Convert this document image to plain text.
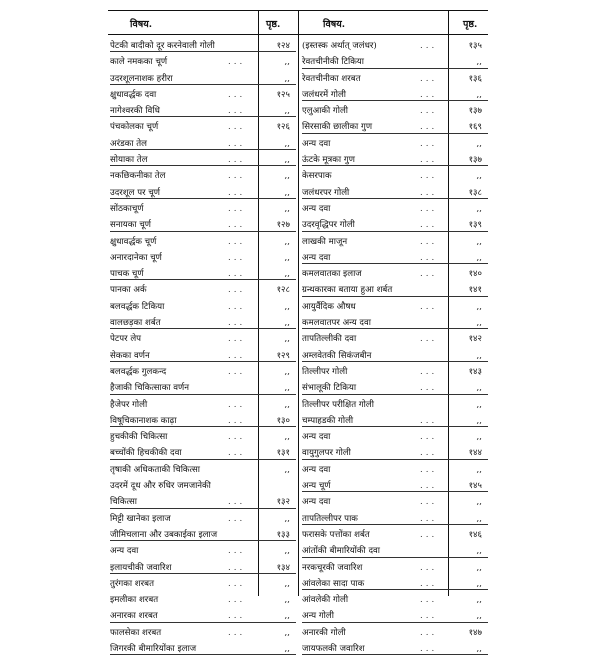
विषय.	पृष्ठ.	विषय.	पृष्ठ.
पेटकी बादीको दूर करनेवाली गोली	१२४
काले नमकका चूर्ण	...	,,
उदरशूलनाशक हरीरा	,,
क्षुधावर्द्धक दवा	...	१२५
नागेश्वरकी विधि	...	,,
पंचकोलका चूर्ण	...	१२६
अरंडका तेल	...	,,
सोयाका तेल	...	,,
नकछिकनीका तेल	...	,,
उदरशूल पर चूर्ण	...	,,
सोंठकाचूर्ण	...	,,
सनायका चूर्ण	...	१२७
क्षुधावर्द्धक चूर्ण	...	,,
अनारदानेका चूर्ण	...	,,
पाचक चूर्ण	...	,,
पानका अर्क	...	१२८
बलवर्द्धक टिकिया	...	,,
वालछड़का शर्बत	...	,,
पेटपर लेप	...	,,
सेकका वर्णन	...	१२९
बलवर्द्धक गुलकन्द	...	,,
हैजाकी चिकित्साका वर्णन	,,
हैजेपर गोली	...	,,
विषूचिकानाशक काढ़ा	...	१३०
हुचकीकी चिकित्सा	...	,,
बच्चोंकी हिचकीकी दवा	...	१३१
तृषाकी अधिकताकी चिकित्सा	,,
उदरमें दूध और रुधिर जमजानेकी
चिकित्सा	...	१३२
मिट्टी खानेका इलाज	...	,,
जीमिचलाना और उबकाईका इलाज	१३३
अन्य दवा	...	,,
इलायचीकी जवारिश	...	१३४
तुरंगका शरबत	...	,,
इमलीका शरबत	...	,,
अनारका शरबत	...	,,
फालसेका शरबत	...	,,
जिगरकी बीमारियोंका इलाज	,,
(इस्तस्क अर्थात् जलंधर)	...	१३५
रेवतचीनीकी टिकिया	,,
रेवतचीनीका शरबत	...	१३६
जलंधरमें गोली	...	,,
एलुआकी गोली	...	१३७
सिरसाकी छालीका गुण	...	१६९
अन्य दवा	...	,,
ऊंटके मूत्रका गुण	...	१३७
केसरपाक	...	,,
जलंधरपर गोली	...	१३८
अन्य दवा	...	,,
उदरवृद्धिपर गोली	...	१३९
लाखकी माजून	...	,,
अन्य दवा	...	,,
कमलवातका इलाज	...	१४०
ग्रन्थकारका बताया हुआ शर्बत	१४१
आयुर्वैदिक औषध	...	,,
कमलवातपर अन्य दवा	,,
तापतिल्लीकी दवा	...	१४२
अम्लवेतकी सिकंजबीन	,,
तिल्लीपर गोली	...	१४३
संभालूकी टिकिया	...	,,
तिल्लीपर परीक्षित गोली	,,
चम्पाहडकी गोली	...	,,
अन्य दवा	...	,,
वायुगुलपर गोली	...	१४४
अन्य दवा	...	,,
अन्य चूर्ण	...	१४५
अन्य दवा	...	,,
तापतिल्लीपर पाक	...	,,
फरासके पत्तोंका शर्बत	...	१४६
आंतोंकी बीमारियोंकी दवा	,,
नरकचूरकी जवारिश	...	,,
आंवलेका सादा पाक	...	,,
आंवलेकी गोली	...	,,
अन्य गोली	...	,,
अनारकी गोली	...	१४७
जायफलकी जवारिश	...	,,
